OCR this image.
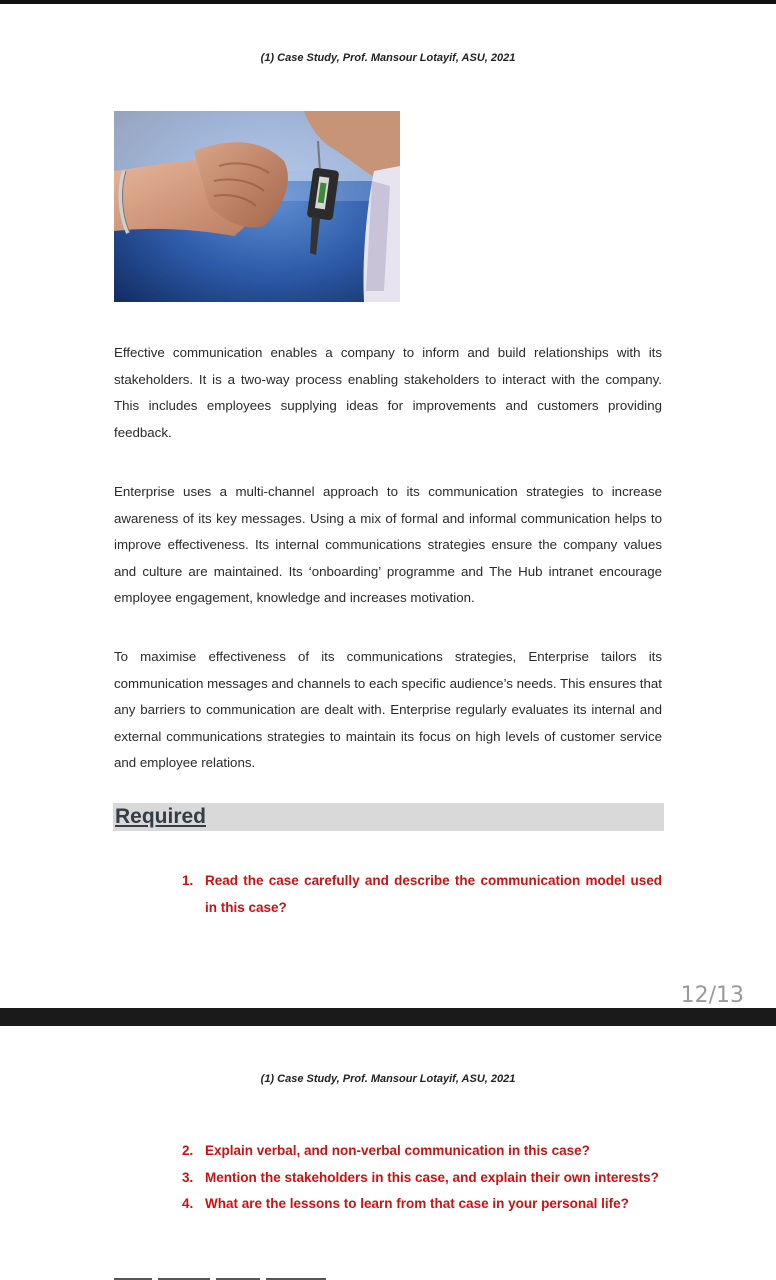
(1) Case Study, Prof. Mansour Lotayif, ASU, 2021

Effective communication enables a company to inform and build relationships with its stakeholders. It is a two-way process enabling stakeholders to interact with the company. This includes employees supplying ideas for improvements and customers providing feedback.

Enterprise uses a multi-channel approach to its communication strategies to increase awareness of its key messages. Using a mix of formal and informal communication helps to improve effectiveness. Its internal communications strategies ensure the company values and culture are maintained. Its ‘onboarding’ programme and The Hub intranet encourage employee engagement, knowledge and increases motivation.

To maximise effectiveness of its communications strategies, Enterprise tailors its communication messages and channels to each specific audience’s needs. This ensures that any barriers to communication are dealt with. Enterprise regularly evaluates its internal and external communications strategies to maintain its focus on high levels of customer service and employee relations.

Required
1. Read the case carefully and describe the communication model used in this case?
12/13
(1) Case Study, Prof. Mansour Lotayif, ASU, 2021
2. Explain verbal, and non-verbal communication in this case?
3. Mention the stakeholders in this case, and explain their own interests?
4. What are the lessons to learn from that case in your personal life?
